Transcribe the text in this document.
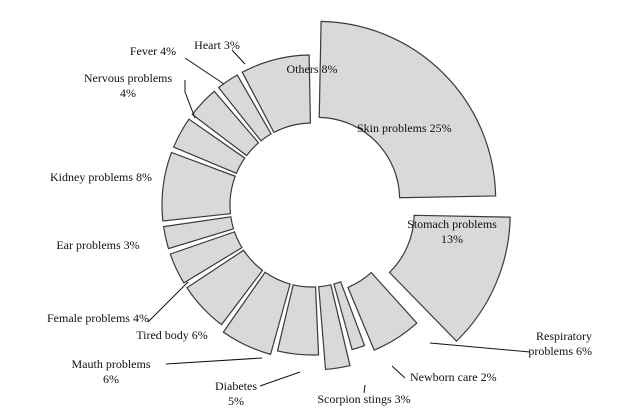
Skin problems 25%
Stomach problems 13%
Respiratory problems 6%
Newborn care 2%
Scorpion stings 3%
Diabetes 5%
Mauth problems 6%
Tired body 6%
Female problems 4%
Ear problems 3%
Kidney problems 8%
Nervous problems 4%
Fever 4% Heart 3%
Others 8%
